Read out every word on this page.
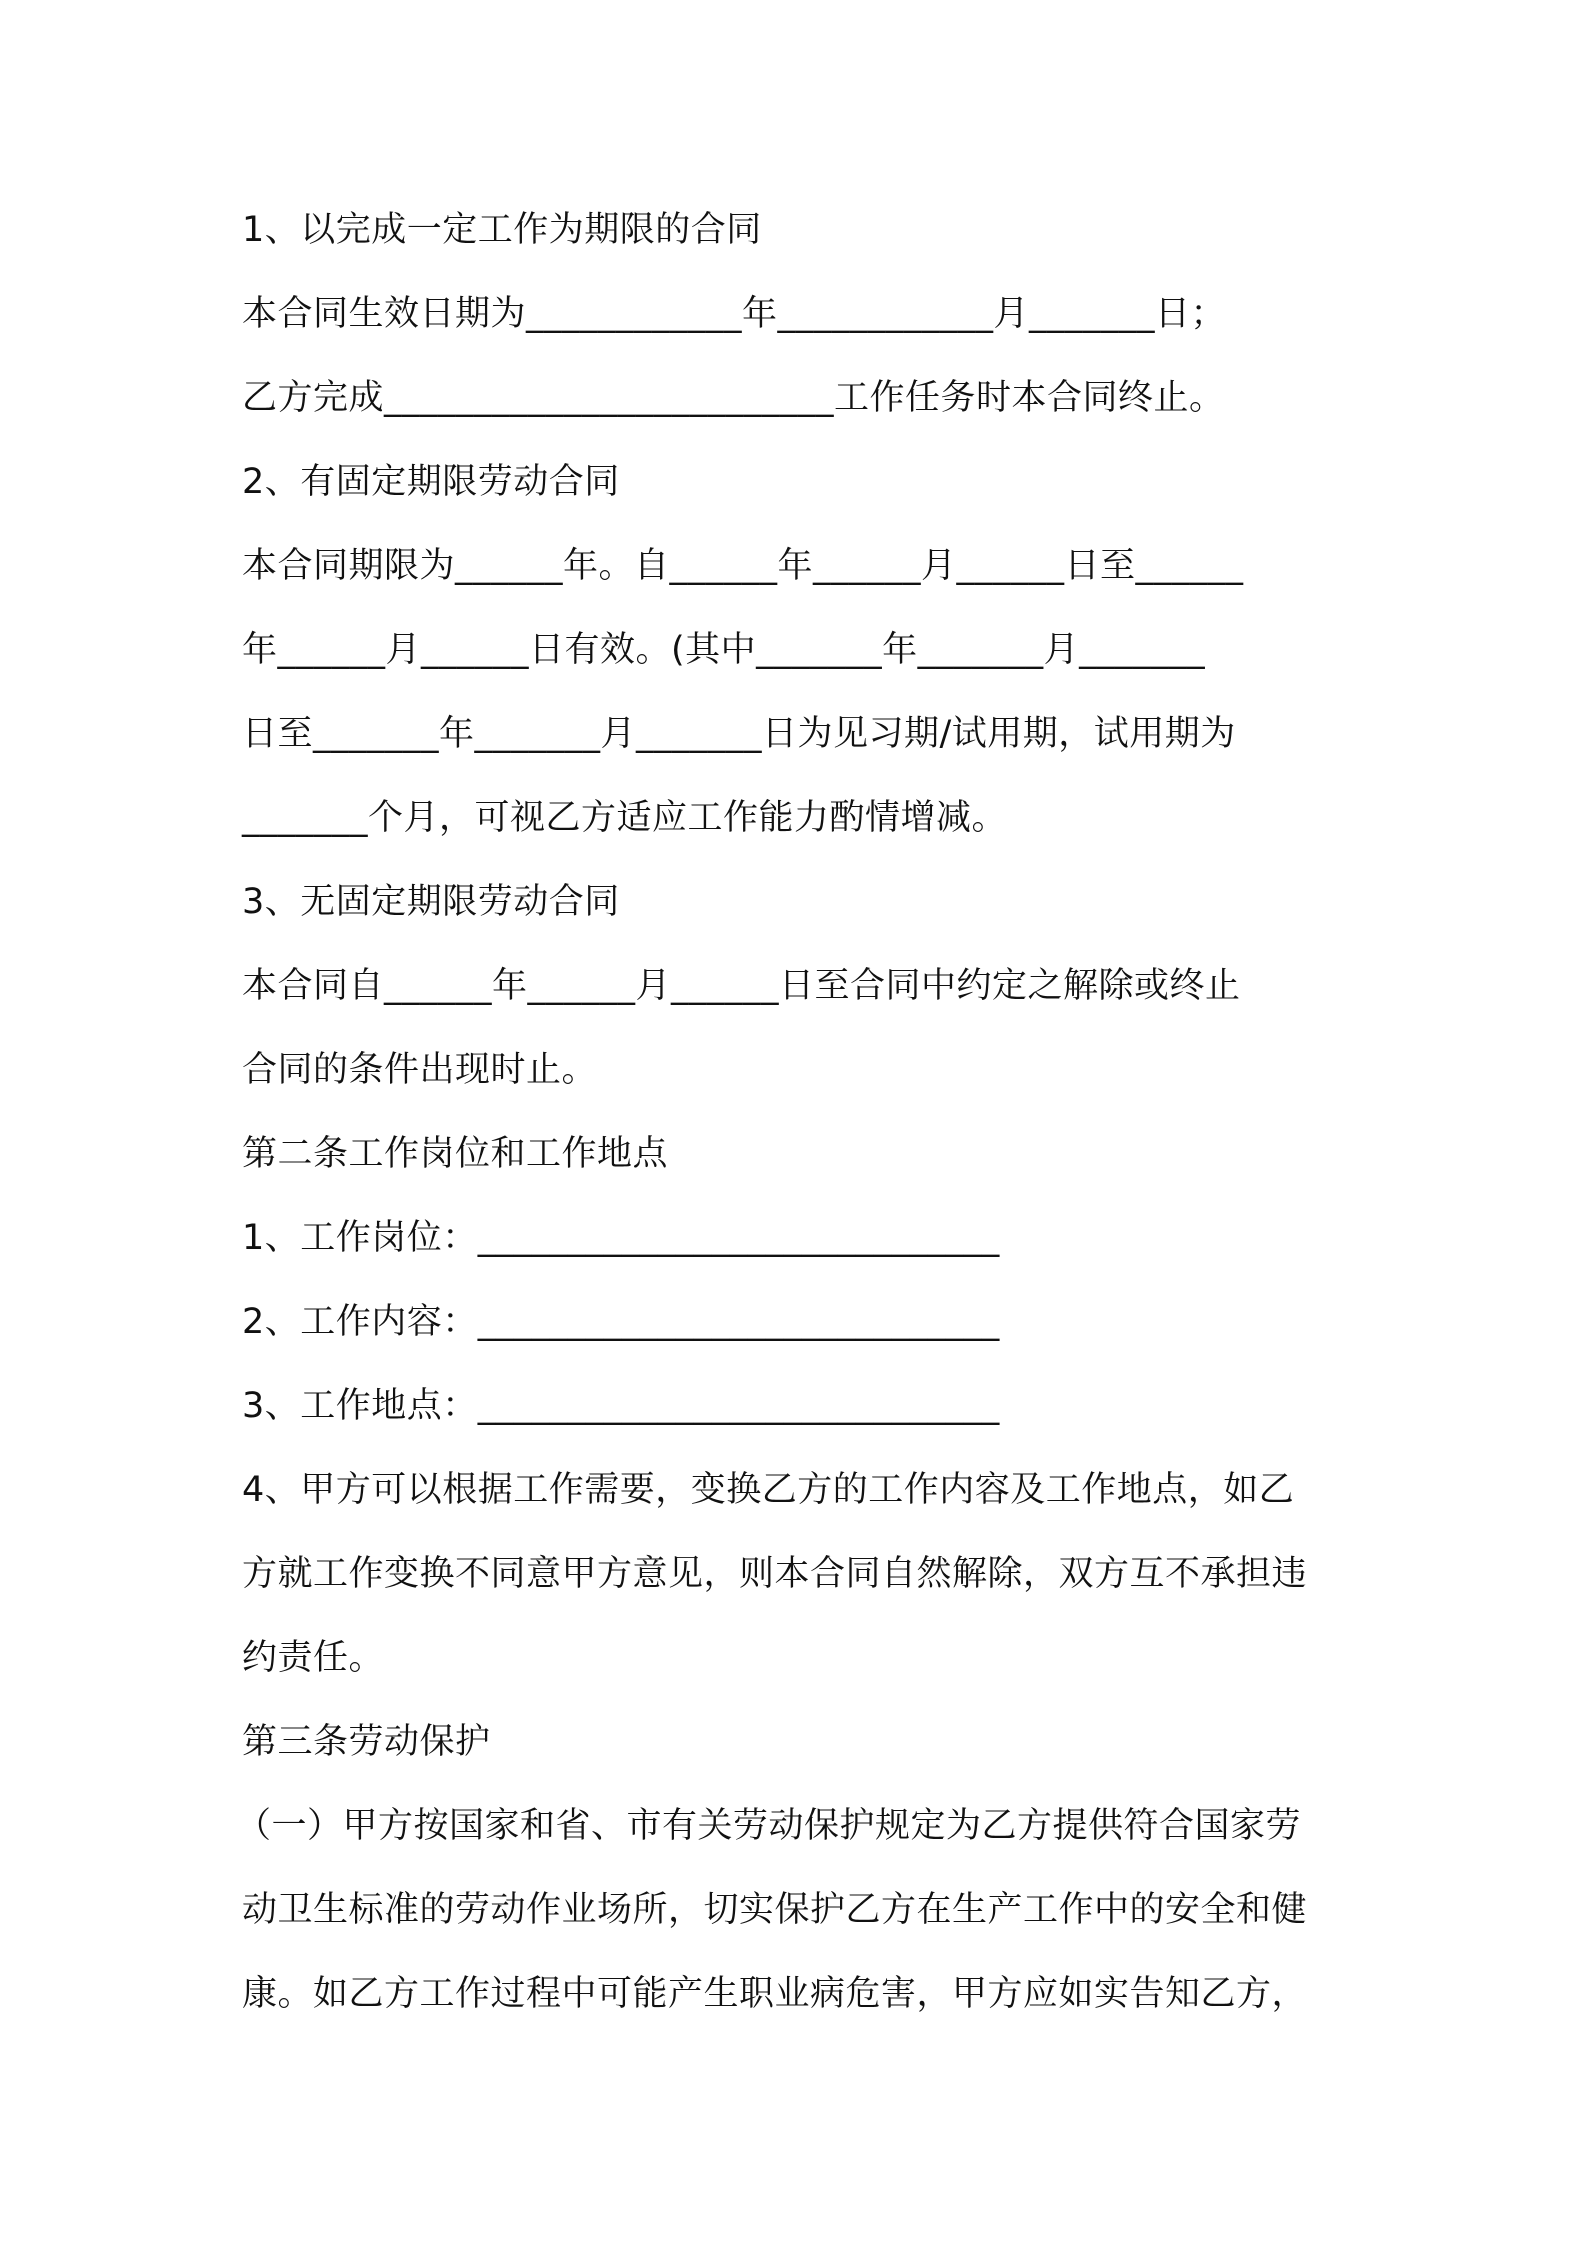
1、以完成一定工作为期限的合同

本合同生效日期为____________年____________月_______日；

乙方完成_________________________工作任务时本合同终止。

2、有固定期限劳动合同

本合同期限为______年。自______年______月______日至______

年______月______日有效。(其中_______年_______月_______

日至_______年_______月_______日为见习期/试用期，试用期为

_______个月，可视乙方适应工作能力酌情增减。

3、无固定期限劳动合同

本合同自______年______月______日至合同中约定之解除或终止

合同的条件出现时止。

第二条工作岗位和工作地点

1、工作岗位：_____________________________

2、工作内容：_____________________________

3、工作地点：_____________________________

4、甲方可以根据工作需要，变换乙方的工作内容及工作地点，如乙

方就工作变换不同意甲方意见，则本合同自然解除，双方互不承担违

约责任。

第三条劳动保护

（一）甲方按国家和省、市有关劳动保护规定为乙方提供符合国家劳

动卫生标准的劳动作业场所，切实保护乙方在生产工作中的安全和健

康。如乙方工作过程中可能产生职业病危害，甲方应如实告知乙方，
